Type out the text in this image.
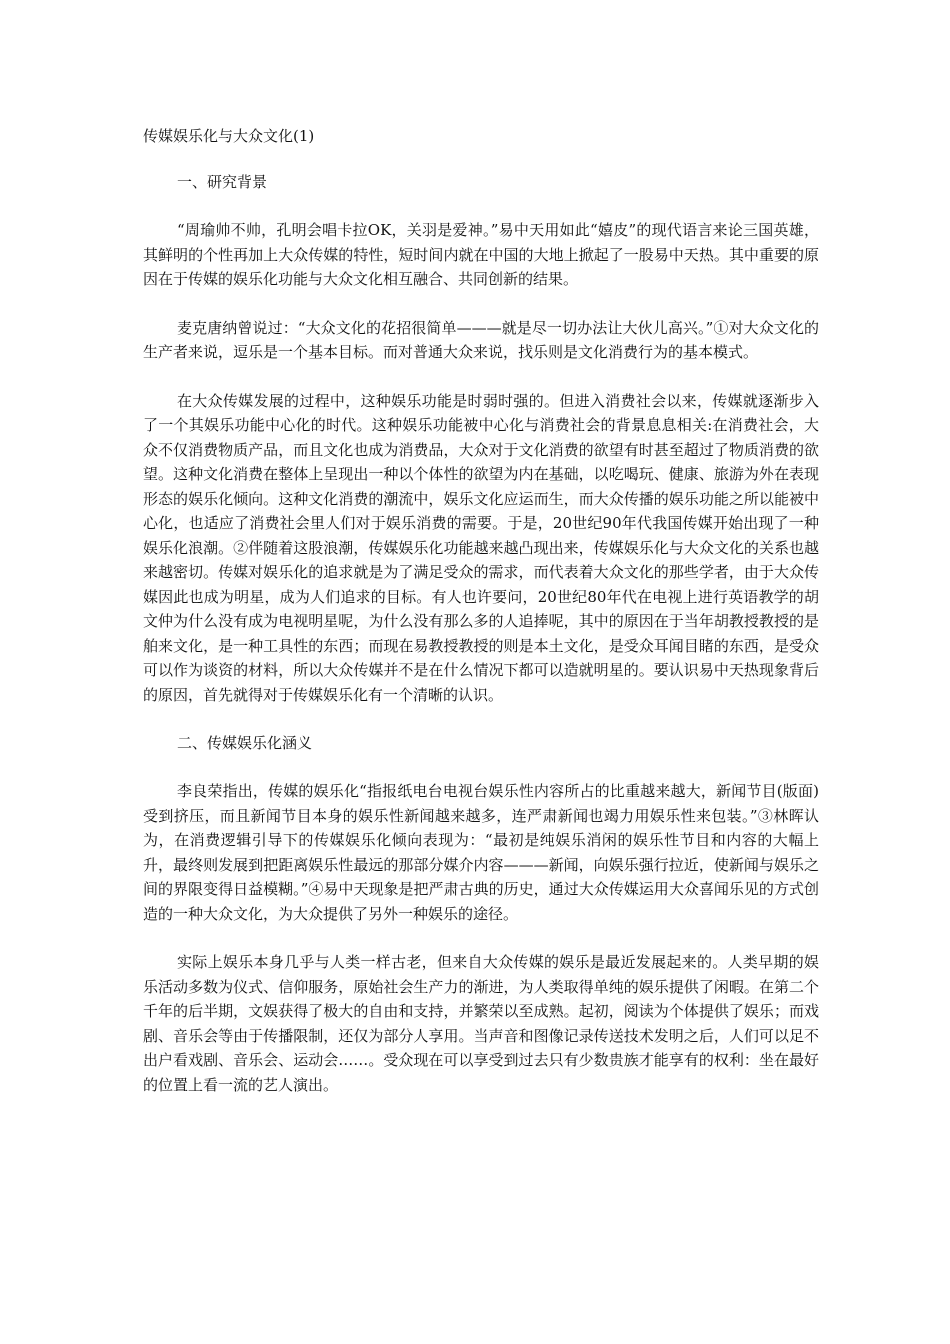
传媒娱乐化与大众文化(1)
一、研究背景

“周瑜帅不帅，孔明会唱卡拉OK，关羽是爱神。”易中天用如此“嬉皮”的现代语言来论三国英雄，其鲜明的个性再加上大众传媒的特性，短时间内就在中国的大地上掀起了一股易中天热。其中重要的原因在于传媒的娱乐化功能与大众文化相互融合、共同创新的结果。

麦克唐纳曾说过：“大众文化的花招很简单———就是尽一切办法让大伙儿高兴。”①对大众文化的生产者来说，逗乐是一个基本目标。而对普通大众来说，找乐则是文化消费行为的基本模式。

在大众传媒发展的过程中，这种娱乐功能是时弱时强的。但进入消费社会以来，传媒就逐渐步入了一个其娱乐功能中心化的时代。这种娱乐功能被中心化与消费社会的背景息息相关:在消费社会，大众不仅消费物质产品，而且文化也成为消费品，大众对于文化消费的欲望有时甚至超过了物质消费的欲望。这种文化消费在整体上呈现出一种以个体性的欲望为内在基础，以吃喝玩、健康、旅游为外在表现形态的娱乐化倾向。这种文化消费的潮流中，娱乐文化应运而生，而大众传播的娱乐功能之所以能被中心化，也适应了消费社会里人们对于娱乐消费的需要。于是，20世纪90年代我国传媒开始出现了一种娱乐化浪潮。②伴随着这股浪潮，传媒娱乐化功能越来越凸现出来，传媒娱乐化与大众文化的关系也越来越密切。传媒对娱乐化的追求就是为了满足受众的需求，而代表着大众文化的那些学者，由于大众传媒因此也成为明星，成为人们追求的目标。有人也许要问，20世纪80年代在电视上进行英语教学的胡文仲为什么没有成为电视明星呢，为什么没有那么多的人追捧呢，其中的原因在于当年胡教授教授的是舶来文化，是一种工具性的东西；而现在易教授教授的则是本土文化，是受众耳闻目睹的东西，是受众可以作为谈资的材料，所以大众传媒并不是在什么情况下都可以造就明星的。要认识易中天热现象背后的原因，首先就得对于传媒娱乐化有一个清晰的认识。

二、传媒娱乐化涵义

李良荣指出，传媒的娱乐化“指报纸电台电视台娱乐性内容所占的比重越来越大，新闻节目(版面)受到挤压，而且新闻节目本身的娱乐性新闻越来越多，连严肃新闻也竭力用娱乐性来包装。”③林晖认为，在消费逻辑引导下的传媒娱乐化倾向表现为：“最初是纯娱乐消闲的娱乐性节目和内容的大幅上升，最终则发展到把距离娱乐性最远的那部分媒介内容———新闻，向娱乐强行拉近，使新闻与娱乐之间的界限变得日益模糊。”④易中天现象是把严肃古典的历史，通过大众传媒运用大众喜闻乐见的方式创造的一种大众文化，为大众提供了另外一种娱乐的途径。

实际上娱乐本身几乎与人类一样古老，但来自大众传媒的娱乐是最近发展起来的。人类早期的娱乐活动多数为仪式、信仰服务，原始社会生产力的渐进，为人类取得单纯的娱乐提供了闲暇。在第二个千年的后半期，文娱获得了极大的自由和支持，并繁荣以至成熟。起初，阅读为个体提供了娱乐；而戏剧、音乐会等由于传播限制，还仅为部分人享用。当声音和图像记录传送技术发明之后，人们可以足不出户看戏剧、音乐会、运动会……。受众现在可以享受到过去只有少数贵族才能享有的权利：坐在最好的位置上看一流的艺人演出。
